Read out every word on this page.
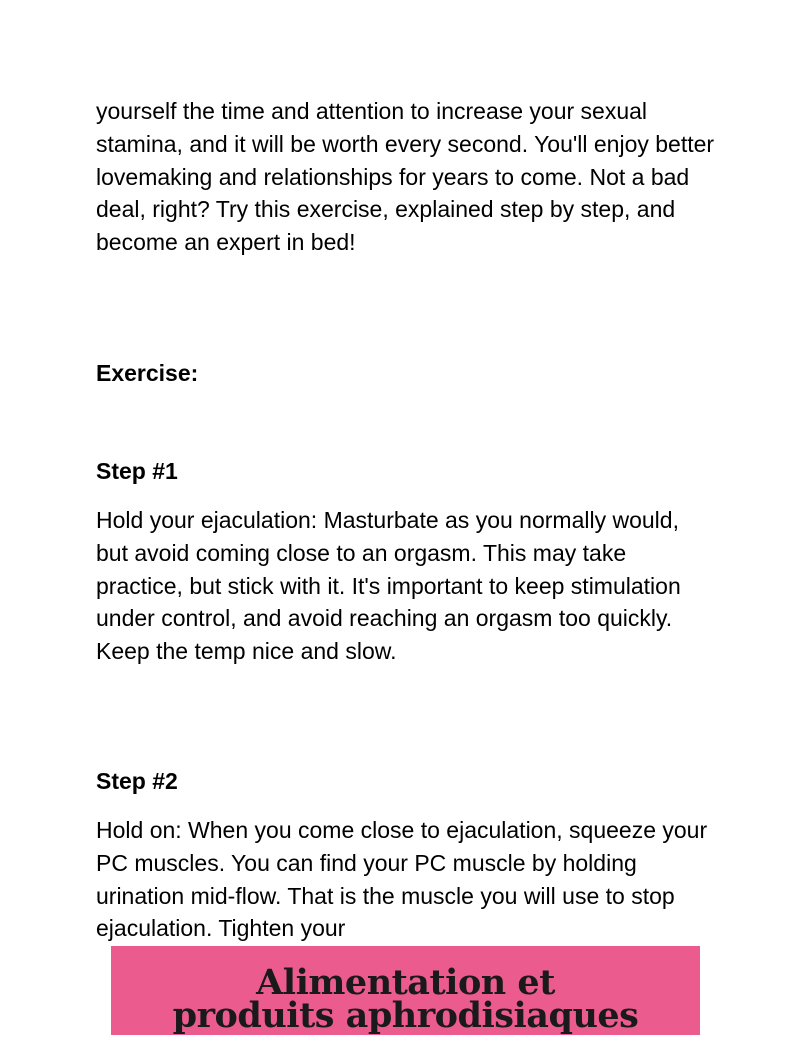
yourself the time and attention to increase your sexual stamina, and it will be worth every second. You'll enjoy better lovemaking and relationships for years to come. Not a bad deal, right? Try this exercise, explained step by step, and become an expert in bed!

Exercise:

Step #1

Hold your ejaculation: Masturbate as you normally would, but avoid coming close to an orgasm. This may take practice, but stick with it. It's important to keep stimulation under control, and avoid reaching an orgasm too quickly. Keep the temp nice and slow.

Step #2

Hold on: When you come close to ejaculation, squeeze your PC muscles. You can find your PC muscle by holding urination mid-flow. That is the muscle you will use to stop ejaculation. Tighten your

Alimentation et
produits aphrodisiaques
